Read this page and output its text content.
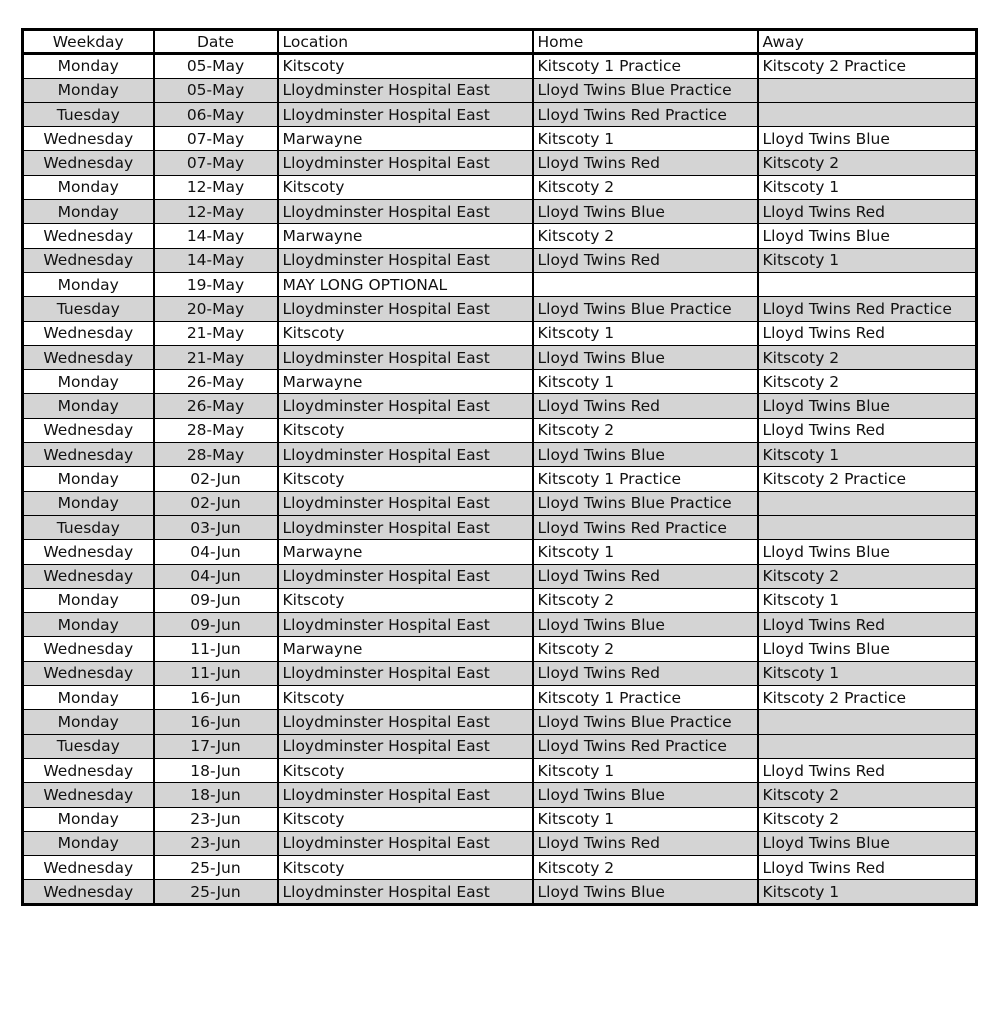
Weekday	Date	Location	Home	Away
Monday	05-May	Kitscoty	Kitscoty 1 Practice	Kitscoty 2 Practice
Monday	05-May	Lloydminster Hospital East	Lloyd Twins Blue Practice	
Tuesday	06-May	Lloydminster Hospital East	Lloyd Twins Red Practice	
Wednesday	07-May	Marwayne	Kitscoty 1	Lloyd Twins Blue
Wednesday	07-May	Lloydminster Hospital East	Lloyd Twins Red	Kitscoty 2
Monday	12-May	Kitscoty	Kitscoty 2	Kitscoty 1
Monday	12-May	Lloydminster Hospital East	Lloyd Twins Blue	Lloyd Twins Red
Wednesday	14-May	Marwayne	Kitscoty 2	Lloyd Twins Blue
Wednesday	14-May	Lloydminster Hospital East	Lloyd Twins Red	Kitscoty 1
Monday	19-May	MAY LONG OPTIONAL		
Tuesday	20-May	Lloydminster Hospital East	Lloyd Twins Blue Practice	Lloyd Twins Red Practice
Wednesday	21-May	Kitscoty	Kitscoty 1	Lloyd Twins Red
Wednesday	21-May	Lloydminster Hospital East	Lloyd Twins Blue	Kitscoty 2
Monday	26-May	Marwayne	Kitscoty 1	Kitscoty 2
Monday	26-May	Lloydminster Hospital East	Lloyd Twins Red	Lloyd Twins Blue
Wednesday	28-May	Kitscoty	Kitscoty 2	Lloyd Twins Red
Wednesday	28-May	Lloydminster Hospital East	Lloyd Twins Blue	Kitscoty 1
Monday	02-Jun	Kitscoty	Kitscoty 1 Practice	Kitscoty 2 Practice
Monday	02-Jun	Lloydminster Hospital East	Lloyd Twins Blue Practice	
Tuesday	03-Jun	Lloydminster Hospital East	Lloyd Twins Red Practice	
Wednesday	04-Jun	Marwayne	Kitscoty 1	Lloyd Twins Blue
Wednesday	04-Jun	Lloydminster Hospital East	Lloyd Twins Red	Kitscoty 2
Monday	09-Jun	Kitscoty	Kitscoty 2	Kitscoty 1
Monday	09-Jun	Lloydminster Hospital East	Lloyd Twins Blue	Lloyd Twins Red
Wednesday	11-Jun	Marwayne	Kitscoty 2	Lloyd Twins Blue
Wednesday	11-Jun	Lloydminster Hospital East	Lloyd Twins Red	Kitscoty 1
Monday	16-Jun	Kitscoty	Kitscoty 1 Practice	Kitscoty 2 Practice
Monday	16-Jun	Lloydminster Hospital East	Lloyd Twins Blue Practice	
Tuesday	17-Jun	Lloydminster Hospital East	Lloyd Twins Red Practice	
Wednesday	18-Jun	Kitscoty	Kitscoty 1	Lloyd Twins Red
Wednesday	18-Jun	Lloydminster Hospital East	Lloyd Twins Blue	Kitscoty 2
Monday	23-Jun	Kitscoty	Kitscoty 1	Kitscoty 2
Monday	23-Jun	Lloydminster Hospital East	Lloyd Twins Red	Lloyd Twins Blue
Wednesday	25-Jun	Kitscoty	Kitscoty 2	Lloyd Twins Red
Wednesday	25-Jun	Lloydminster Hospital East	Lloyd Twins Blue	Kitscoty 1
